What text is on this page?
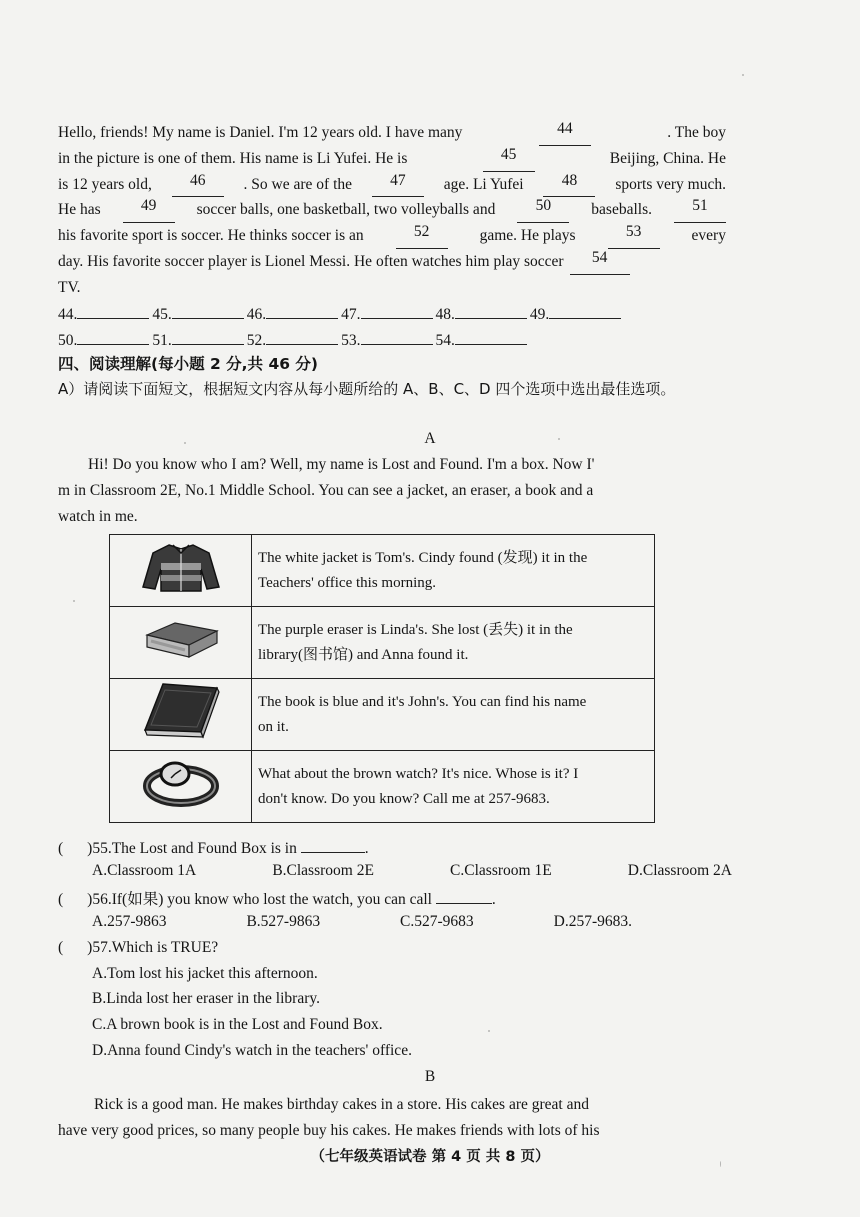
Hello, friends! My name is Daniel. I'm 12 years old. I have many	44	. The boy
in the picture is one of them. His name is Li Yufei. He is	45	Beijing, China. He
is 12 years old,	46	. So we are of the	47	age. Li Yufei	48	sports very much.
He has	49	soccer balls, one basketball, two volleyballs and	50	baseballs.	51
his favorite sport is soccer. He thinks soccer is an	52	game. He plays	53	every
day. His favorite soccer player is Lionel Messi. He often watches him play soccer	54
TV.
44.	45.	46.	47.	48.	49.
50.	51.	52.	53.	54.
四、阅读理解(每小题 2 分,共 46 分)
A）请阅读下面短文，根据短文内容从每小题所给的 A、B、C、D 四个选项中选出最佳选项。
A
Hi! Do you know who I am? Well, my name is Lost and Found. I'm a box. Now I'
m in Classroom 2E, No.1 Middle School. You can see a jacket, an eraser, a book and a
watch in me.

The white jacket is Tom's. Cindy found (发现) it in the
Teachers' office this morning.

The purple eraser is Linda's. She lost (丢失) it in the
library(图书馆) and Anna found it.

The book is blue and it's John's. You can find his name
on it.

What about the brown watch? It's nice. Whose is it? I
don't know. Do you know? Call me at 257-9683.
( )55.The Lost and Found Box is in	.
A.Classroom 1A	B.Classroom 2E	C.Classroom 1E	D.Classroom 2A
( )56.If(如果) you know who lost the watch, you can call	.
A.257-9863	B.527-9863	C.527-9683	D.257-9683.
( )57.Which is TRUE?
A.Tom lost his jacket this afternoon.
B.Linda lost her eraser in the library.
C.A brown book is in the Lost and Found Box.
D.Anna found Cindy's watch in the teachers' office.
B
Rick is a good man. He makes birthday cakes in a store. His cakes are great and
have very good prices, so many people buy his cakes. He makes friends with lots of his
（七年级英语试卷 第 4 页 共 8 页）
